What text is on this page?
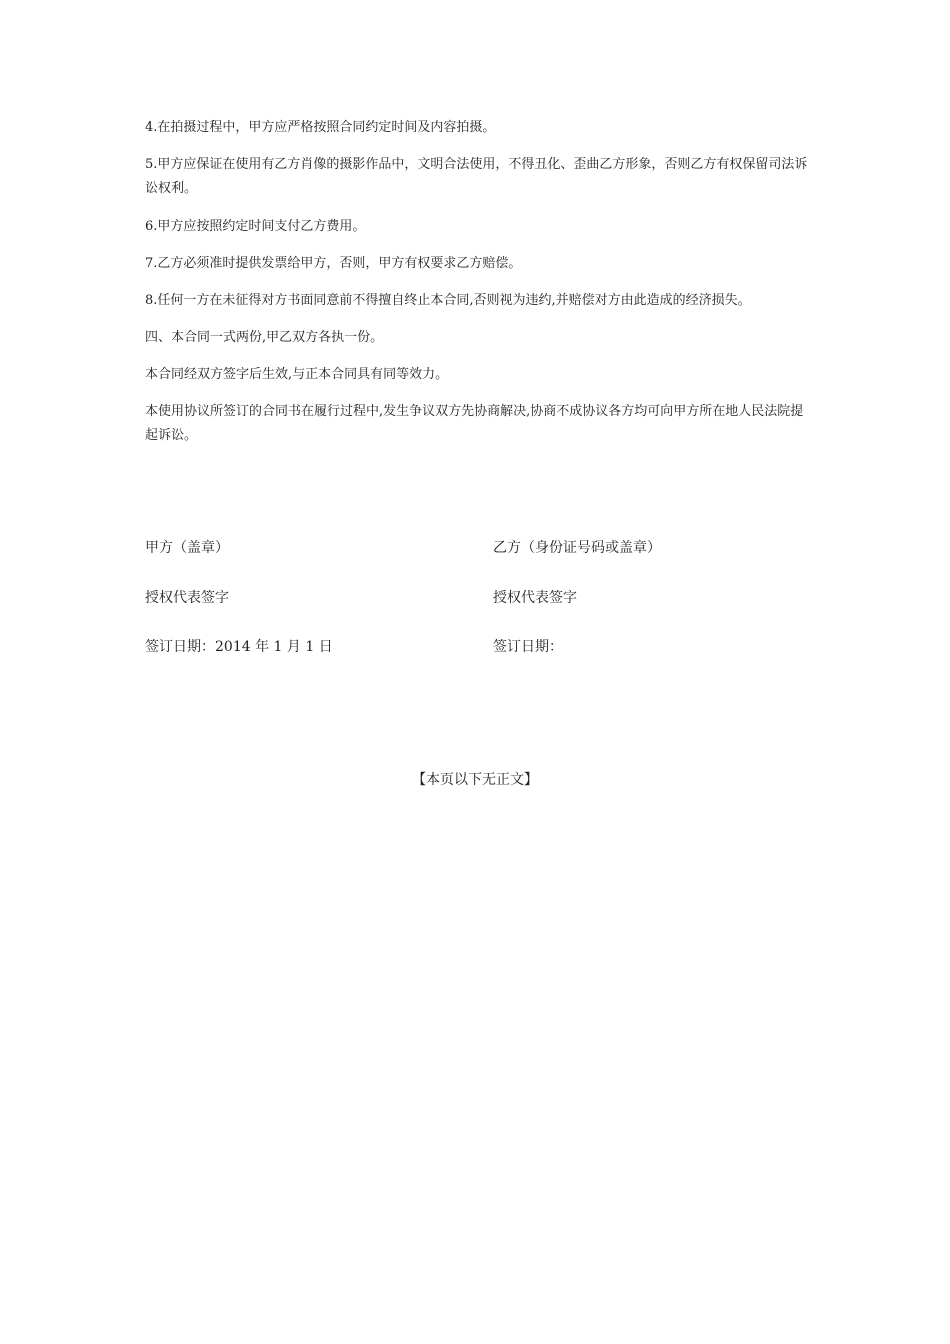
4.在拍摄过程中，甲方应严格按照合同约定时间及内容拍摄。

5.甲方应保证在使用有乙方肖像的摄影作品中，文明合法使用，不得丑化、歪曲乙方形象，否则乙方有权保留司法诉讼权利。

6.甲方应按照约定时间支付乙方费用。

7.乙方必须准时提供发票给甲方，否则，甲方有权要求乙方赔偿。

8.任何一方在未征得对方书面同意前不得擅自终止本合同,否则视为违约,并赔偿对方由此造成的经济损失。

四、本合同一式两份,甲乙双方各执一份。

本合同经双方签字后生效,与正本合同具有同等效力。

本使用协议所签订的合同书在履行过程中,发生争议双方先协商解决,协商不成协议各方均可向甲方所在地人民法院提起诉讼。

甲方（盖章）	乙方（身份证号码或盖章）

授权代表签字	授权代表签字

签订日期：2014 年 1 月 1 日	签订日期：

【本页以下无正文】
